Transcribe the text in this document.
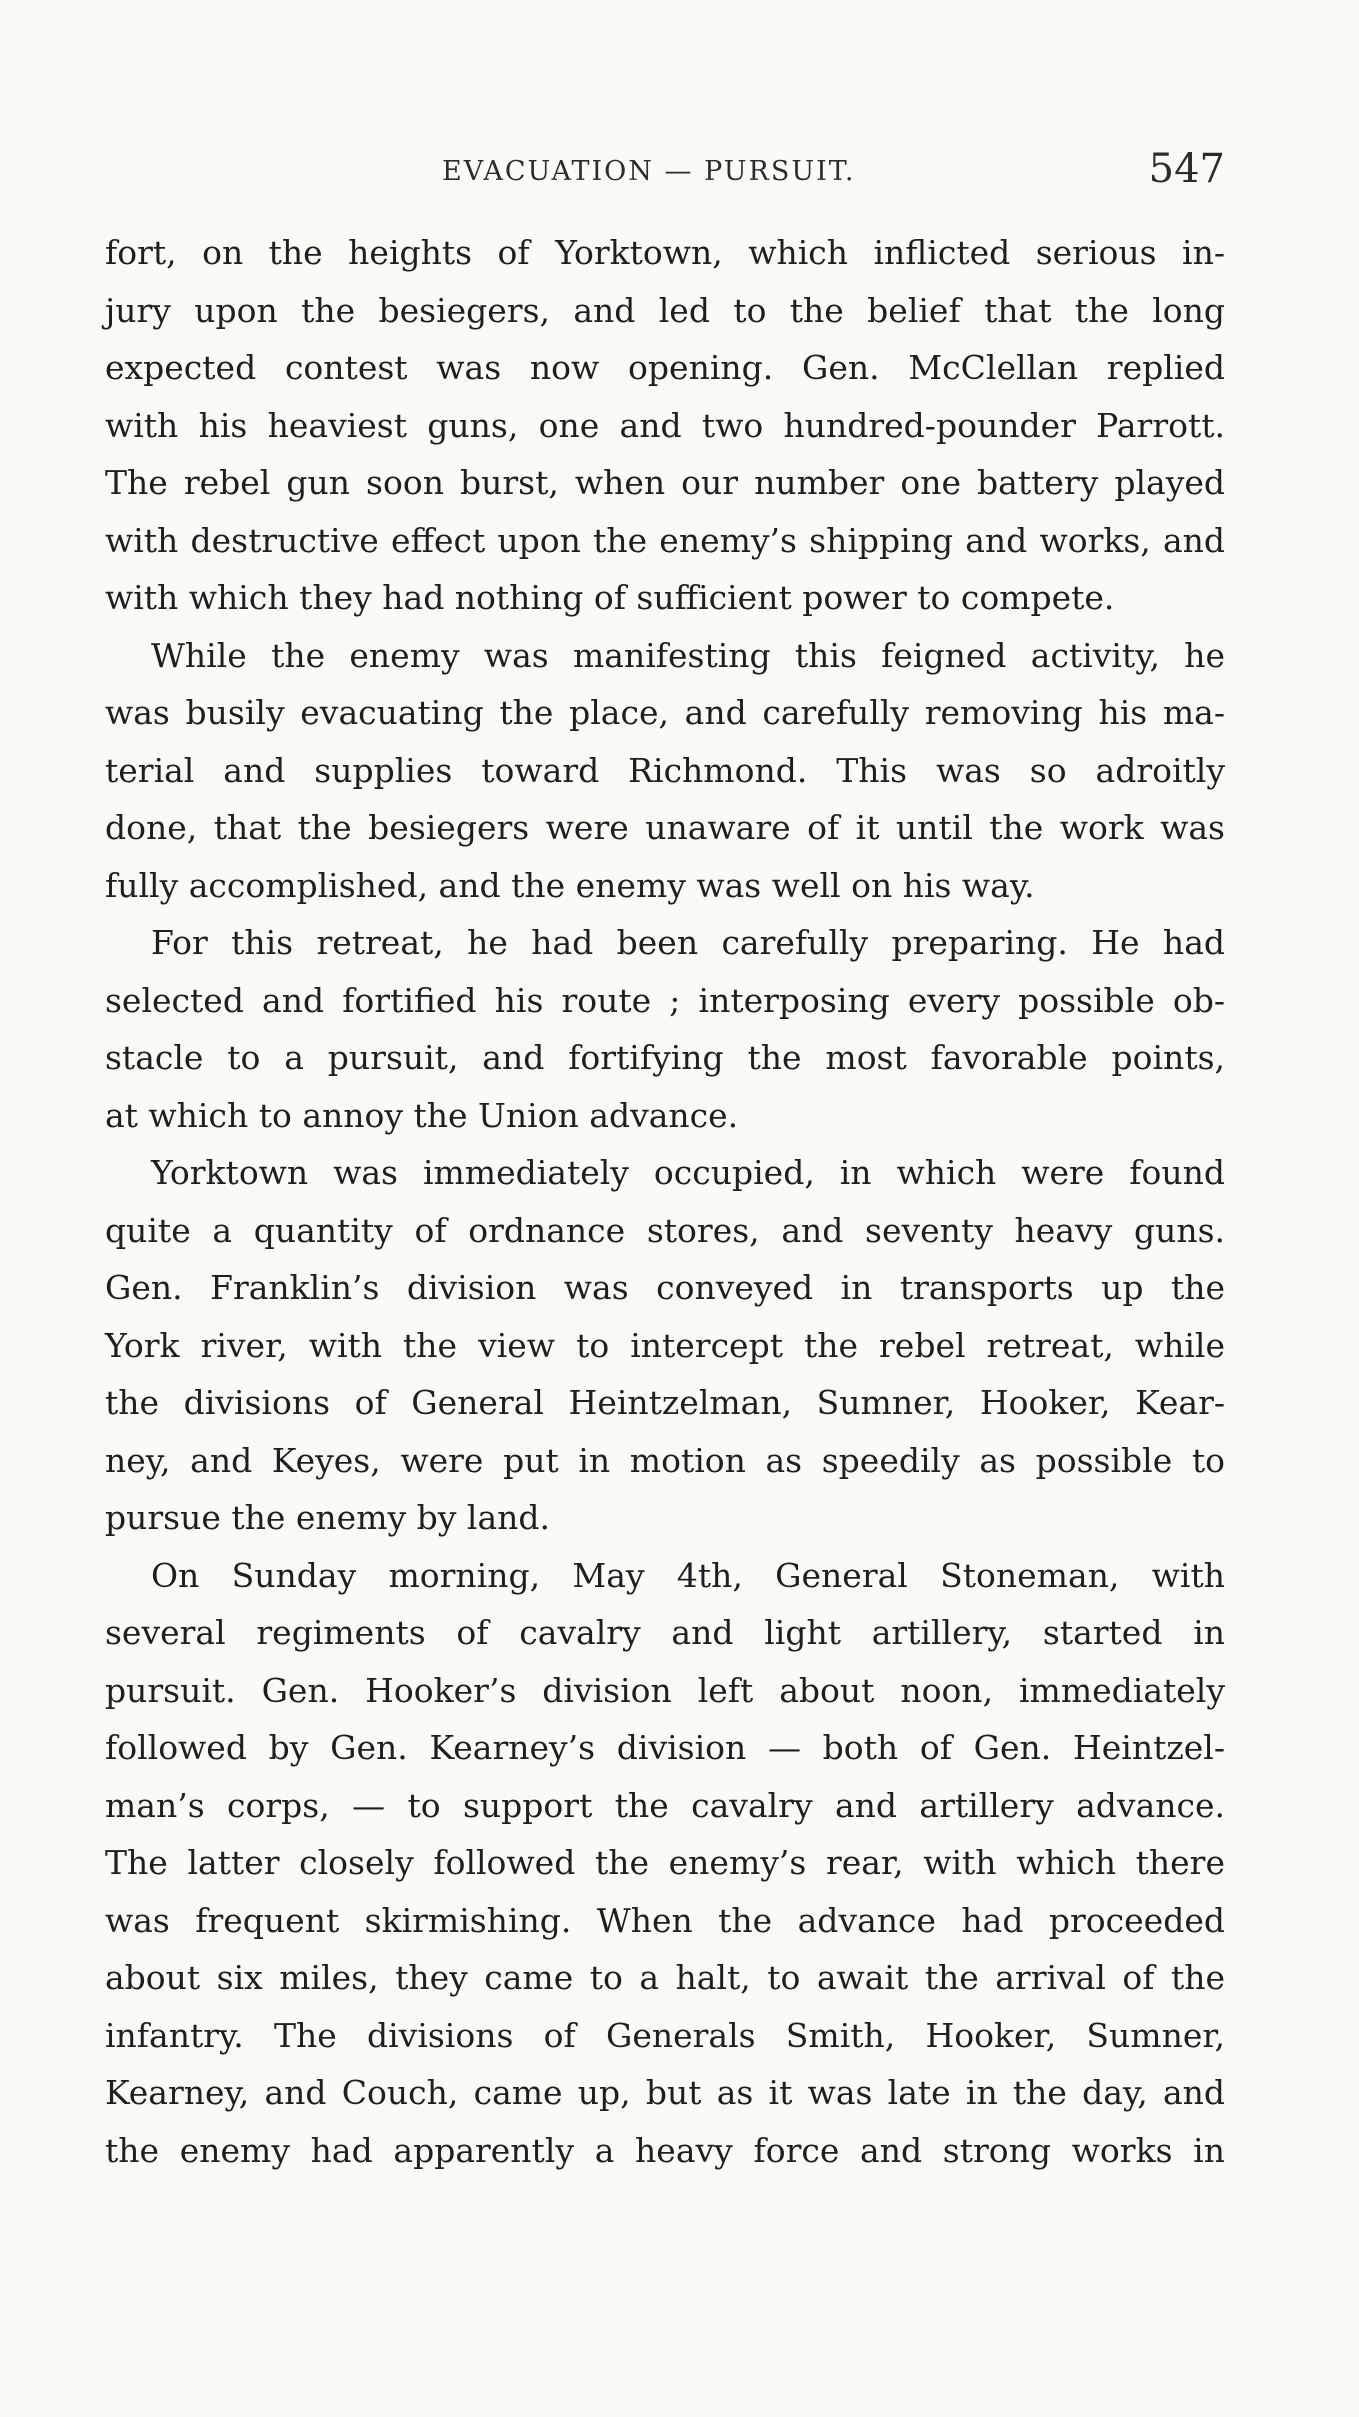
EVACUATION — PURSUIT.	547
fort, on the heights of Yorktown, which inflicted serious in-
jury upon the besiegers, and led to the belief that the long
expected contest was now opening. Gen. McClellan replied
with his heaviest guns, one and two hundred-pounder Parrott.
The rebel gun soon burst, when our number one battery played
with destructive effect upon the enemy’s shipping and works, and
with which they had nothing of sufficient power to compete.
While the enemy was manifesting this feigned activity, he
was busily evacuating the place, and carefully removing his ma-
terial and supplies toward Richmond. This was so adroitly
done, that the besiegers were unaware of it until the work was
fully accomplished, and the enemy was well on his way.
For this retreat, he had been carefully preparing. He had
selected and fortified his route ; interposing every possible ob-
stacle to a pursuit, and fortifying the most favorable points,
at which to annoy the Union advance.
Yorktown was immediately occupied, in which were found
quite a quantity of ordnance stores, and seventy heavy guns.
Gen. Franklin’s division was conveyed in transports up the
York river, with the view to intercept the rebel retreat, while
the divisions of General Heintzelman, Sumner, Hooker, Kear-
ney, and Keyes, were put in motion as speedily as possible to
pursue the enemy by land.
On Sunday morning, May 4th, General Stoneman, with
several regiments of cavalry and light artillery, started in
pursuit. Gen. Hooker’s division left about noon, immediately
followed by Gen. Kearney’s division — both of Gen. Heintzel-
man’s corps, — to support the cavalry and artillery advance.
The latter closely followed the enemy’s rear, with which there
was frequent skirmishing. When the advance had proceeded
about six miles, they came to a halt, to await the arrival of the
infantry. The divisions of Generals Smith, Hooker, Sumner,
Kearney, and Couch, came up, but as it was late in the day, and
the enemy had apparently a heavy force and strong works in
